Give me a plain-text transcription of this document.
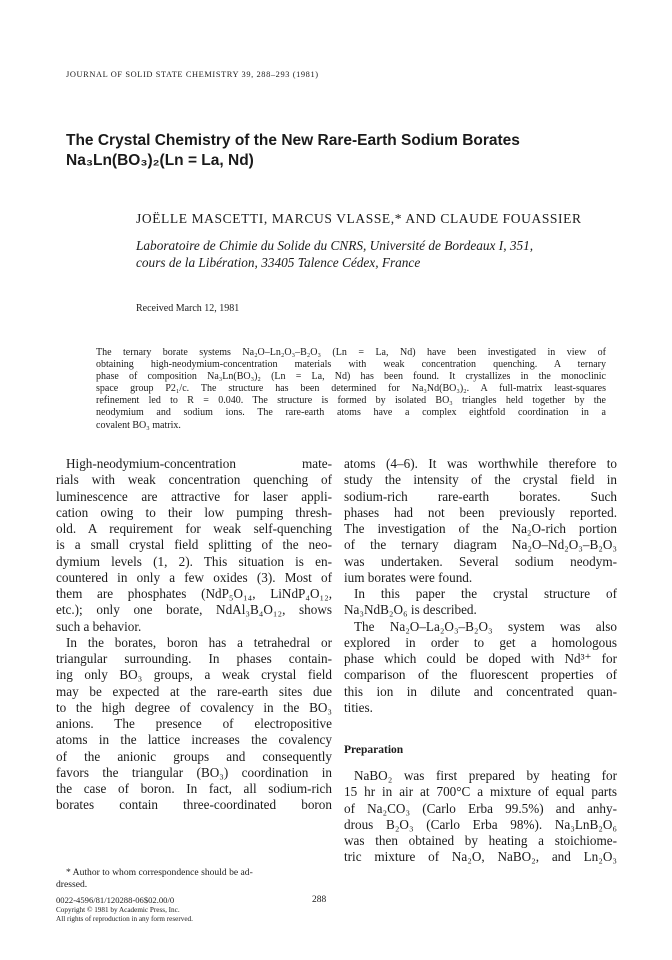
JOURNAL OF SOLID STATE CHEMISTRY 39, 288–293 (1981)
The Crystal Chemistry of the New Rare-Earth Sodium Borates
Na₃Ln(BO₃)₂(Ln = La, Nd)
JOËLLE MASCETTI, MARCUS VLASSE,* AND CLAUDE FOUASSIER
Laboratoire de Chimie du Solide du CNRS, Université de Bordeaux I, 351,
cours de la Libération, 33405 Talence Cédex, France
Received March 12, 1981
The ternary borate systems Na₂O–Ln₂O₃–B₂O₃ (Ln = La, Nd) have been investigated in view of
obtaining high-neodymium-concentration materials with weak concentration quenching. A ternary
phase of composition Na₃Ln(BO₃)₂ (Ln = La, Nd) has been found. It crystallizes in the monoclinic
space group P2₁/c. The structure has been determined for Na₃Nd(BO₃)₂. A full-matrix least-squares
refinement led to R = 0.040. The structure is formed by isolated BO₃ triangles held together by the
neodymium and sodium ions. The rare-earth atoms have a complex eightfold coordination in a
covalent BO₃ matrix.
High-neodymium-concentration mate-
rials with weak concentration quenching of
luminescence are attractive for laser appli-
cation owing to their low pumping thresh-
old. A requirement for weak self-quenching
is a small crystal field splitting of the neo-
dymium levels (1, 2). This situation is en-
countered in only a few oxides (3). Most of
them are phosphates (NdP₅O₁₄, LiNdP₄O₁₂,
etc.); only one borate, NdAl₃B₄O₁₂, shows
such a behavior.
In the borates, boron has a tetrahedral or
triangular surrounding. In phases contain-
ing only BO₃ groups, a weak crystal field
may be expected at the rare-earth sites due
to the high degree of covalency in the BO₃
anions. The presence of electropositive
atoms in the lattice increases the covalency
of the anionic groups and consequently
favors the triangular (BO₃) coordination in
the case of boron. In fact, all sodium-rich
borates contain three-coordinated boron
atoms (4–6). It was worthwhile therefore to
study the intensity of the crystal field in
sodium-rich rare-earth borates. Such
phases had not been previously reported.
The investigation of the Na₂O-rich portion
of the ternary diagram Na₂O–Nd₂O₃–B₂O₃
was undertaken. Several sodium neodym-
ium borates were found.
In this paper the crystal structure of
Na₃NdB₂O₆ is described.
The Na₂O–La₂O₃–B₂O₃ system was also
explored in order to get a homologous
phase which could be doped with Nd³⁺ for
comparison of the fluorescent properties of
this ion in dilute and concentrated quan-
tities.
Preparation
NaBO₂ was first prepared by heating for
15 hr in air at 700°C a mixture of equal parts
of Na₂CO₃ (Carlo Erba 99.5%) and anhy-
drous B₂O₃ (Carlo Erba 98%). Na₃LnB₂O₆
was then obtained by heating a stoichiome-
tric mixture of Na₂O, NaBO₂, and Ln₂O₃
* Author to whom correspondence should be ad-
dressed.
0022-4596/81/120288-06$02.00/0
Copyright © 1981 by Academic Press, Inc.
All rights of reproduction in any form reserved.
288
